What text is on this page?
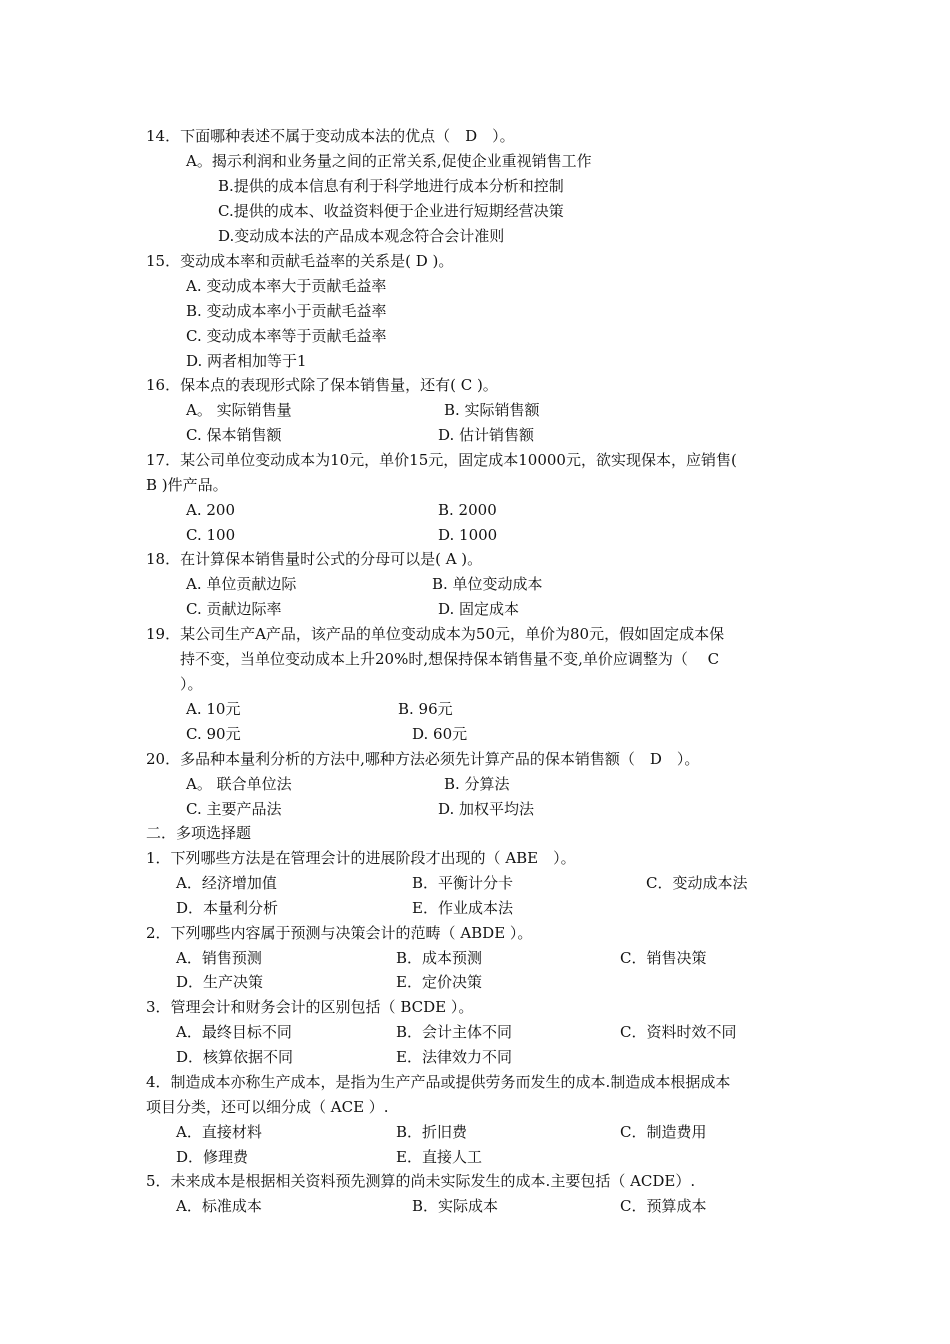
14．下面哪种表述不属于变动成本法的优点（　D　）。
A。揭示利润和业务量之间的正常关系,促使企业重视销售工作
B.提供的成本信息有利于科学地进行成本分析和控制
C.提供的成本、收益资料便于企业进行短期经营决策
D.变动成本法的产品成本观念符合会计准则
15．变动成本率和贡献毛益率的关系是( D )。
A. 变动成本率大于贡献毛益率
B. 变动成本率小于贡献毛益率
C. 变动成本率等于贡献毛益率
D. 两者相加等于1
16．保本点的表现形式除了保本销售量，还有( C )。
17．某公司单位变动成本为10元，单价15元，固定成本10000元，欲实现保本，应销售(
B )件产品。
18．在计算保本销售量时公式的分母可以是( A )。
19．某公司生产A产品，该产品的单位变动成本为50元，单价为80元，假如固定成本保
持不变，当单位变动成本上升20%时,想保持保本销售量不变,单价应调整为（　 C
）。
20．多品种本量利分析的方法中,哪种方法必须先计算产品的保本销售额（　D　）。
二．多项选择题
1．下列哪些方法是在管理会计的进展阶段才出现的（ ABE　）。
2．下列哪些内容属于预测与决策会计的范畴（ ABDE ）。
3．管理会计和财务会计的区别包括（ BCDE ）。
4．制造成本亦称生产成本，是指为生产产品或提供劳务而发生的成本.制造成本根据成本
项目分类，还可以细分成（ ACE ）.
5．未来成本是根据相关资料预先测算的尚未实际发生的成本.主要包括（ ACDE）.
A。 实际销售量	B. 实际销售额
C. 保本销售额	D. 估计销售额
A. 200	B. 2000
C. 100	D. 1000
A. 单位贡献边际	B. 单位变动成本
C. 贡献边际率	D. 固定成本
A. 10元	B. 96元
C. 90元	D. 60元
A。 联合单位法	B. 分算法
C. 主要产品法	D. 加权平均法
A．经济增加值	B．平衡计分卡	C．变动成本法
D．本量利分析	E．作业成本法
A．销售预测	B．成本预测	C．销售决策
D．生产决策	E．定价决策
A．最终目标不同	B．会计主体不同	C．资料时效不同
D．核算依据不同	E．法律效力不同
A．直接材料	B．折旧费	C．制造费用
D．修理费	E．直接人工
A．标准成本	B．实际成本	C．预算成本
